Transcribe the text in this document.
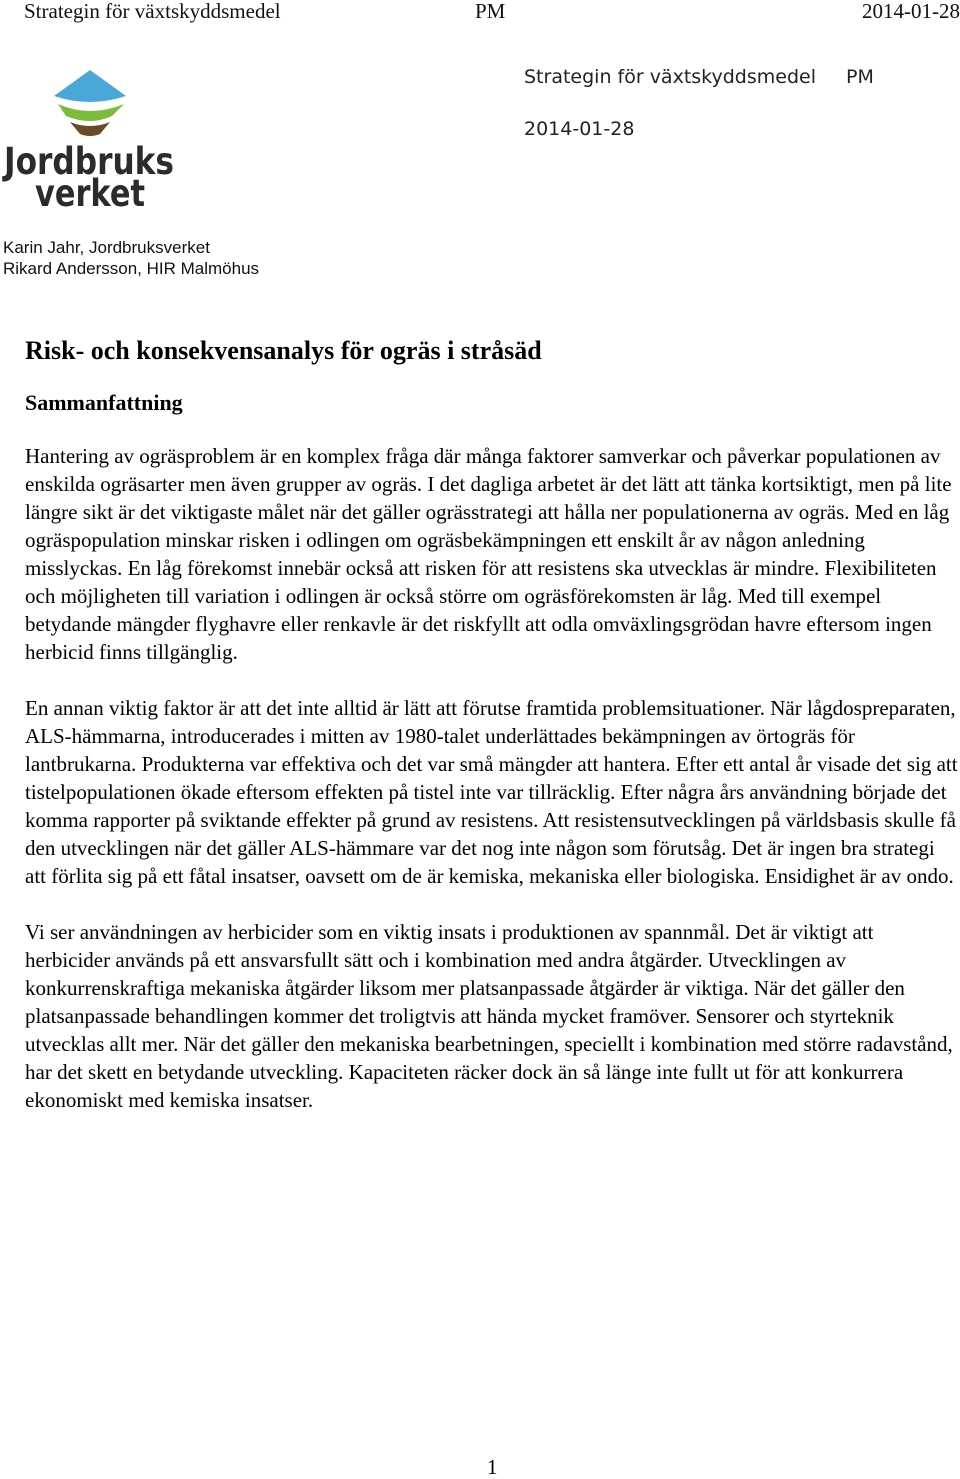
Strategin för växtskyddsmedel	PM	2014-01-28
Jordbruks
verket
Strategin för växtskyddsmedel PM
2014-01-28
Karin Jahr, Jordbruksverket
Rikard Andersson, HIR Malmöhus
Risk- och konsekvensanalys för ogräs i stråsäd
Sammanfattning

Hantering av ogräsproblem är en komplex fråga där många faktorer samverkar och påverkar populationen av enskilda ogräsarter men även grupper av ogräs. I det dagliga arbetet är det lätt att tänka kortsiktigt, men på lite längre sikt är det viktigaste målet när det gäller ogrässtrategi att hålla ner populationerna av ogräs. Med en låg ogräspopulation minskar risken i odlingen om ogräsbekämpningen ett enskilt år av någon anledning misslyckas. En låg förekomst innebär också att risken för att resistens ska utvecklas är mindre. Flexibiliteten och möjligheten till variation i odlingen är också större om ogräsförekomsten är låg. Med till exempel betydande mängder flyghavre eller renkavle är det riskfyllt att odla omväxlingsgrödan havre eftersom ingen herbicid finns tillgänglig.

En annan viktig faktor är att det inte alltid är lätt att förutse framtida problemsituationer. När lågdospreparaten, ALS-hämmarna, introducerades i mitten av 1980-talet underlättades bekämpningen av örtogräs för lantbrukarna. Produkterna var effektiva och det var små mängder att hantera. Efter ett antal år visade det sig att tistelpopulationen ökade eftersom effekten på tistel inte var tillräcklig. Efter några års användning började det komma rapporter på sviktande effekter på grund av resistens. Att resistensutvecklingen på världsbasis skulle få den utvecklingen när det gäller ALS-hämmare var det nog inte någon som förutsåg. Det är ingen bra strategi att förlita sig på ett fåtal insatser, oavsett om de är kemiska, mekaniska eller biologiska. Ensidighet är av ondo.

Vi ser användningen av herbicider som en viktig insats i produktionen av spannmål. Det är viktigt att herbicider används på ett ansvarsfullt sätt och i kombination med andra åtgärder. Utvecklingen av konkurrenskraftiga mekaniska åtgärder liksom mer platsanpassade åtgärder är viktiga. När det gäller den platsanpassade behandlingen kommer det troligtvis att hända mycket framöver. Sensorer och styrteknik utvecklas allt mer. När det gäller den mekaniska bearbetningen, speciellt i kombination med större radavstånd, har det skett en betydande utveckling. Kapaciteten räcker dock än så länge inte fullt ut för att konkurrera ekonomiskt med kemiska insatser.

1
